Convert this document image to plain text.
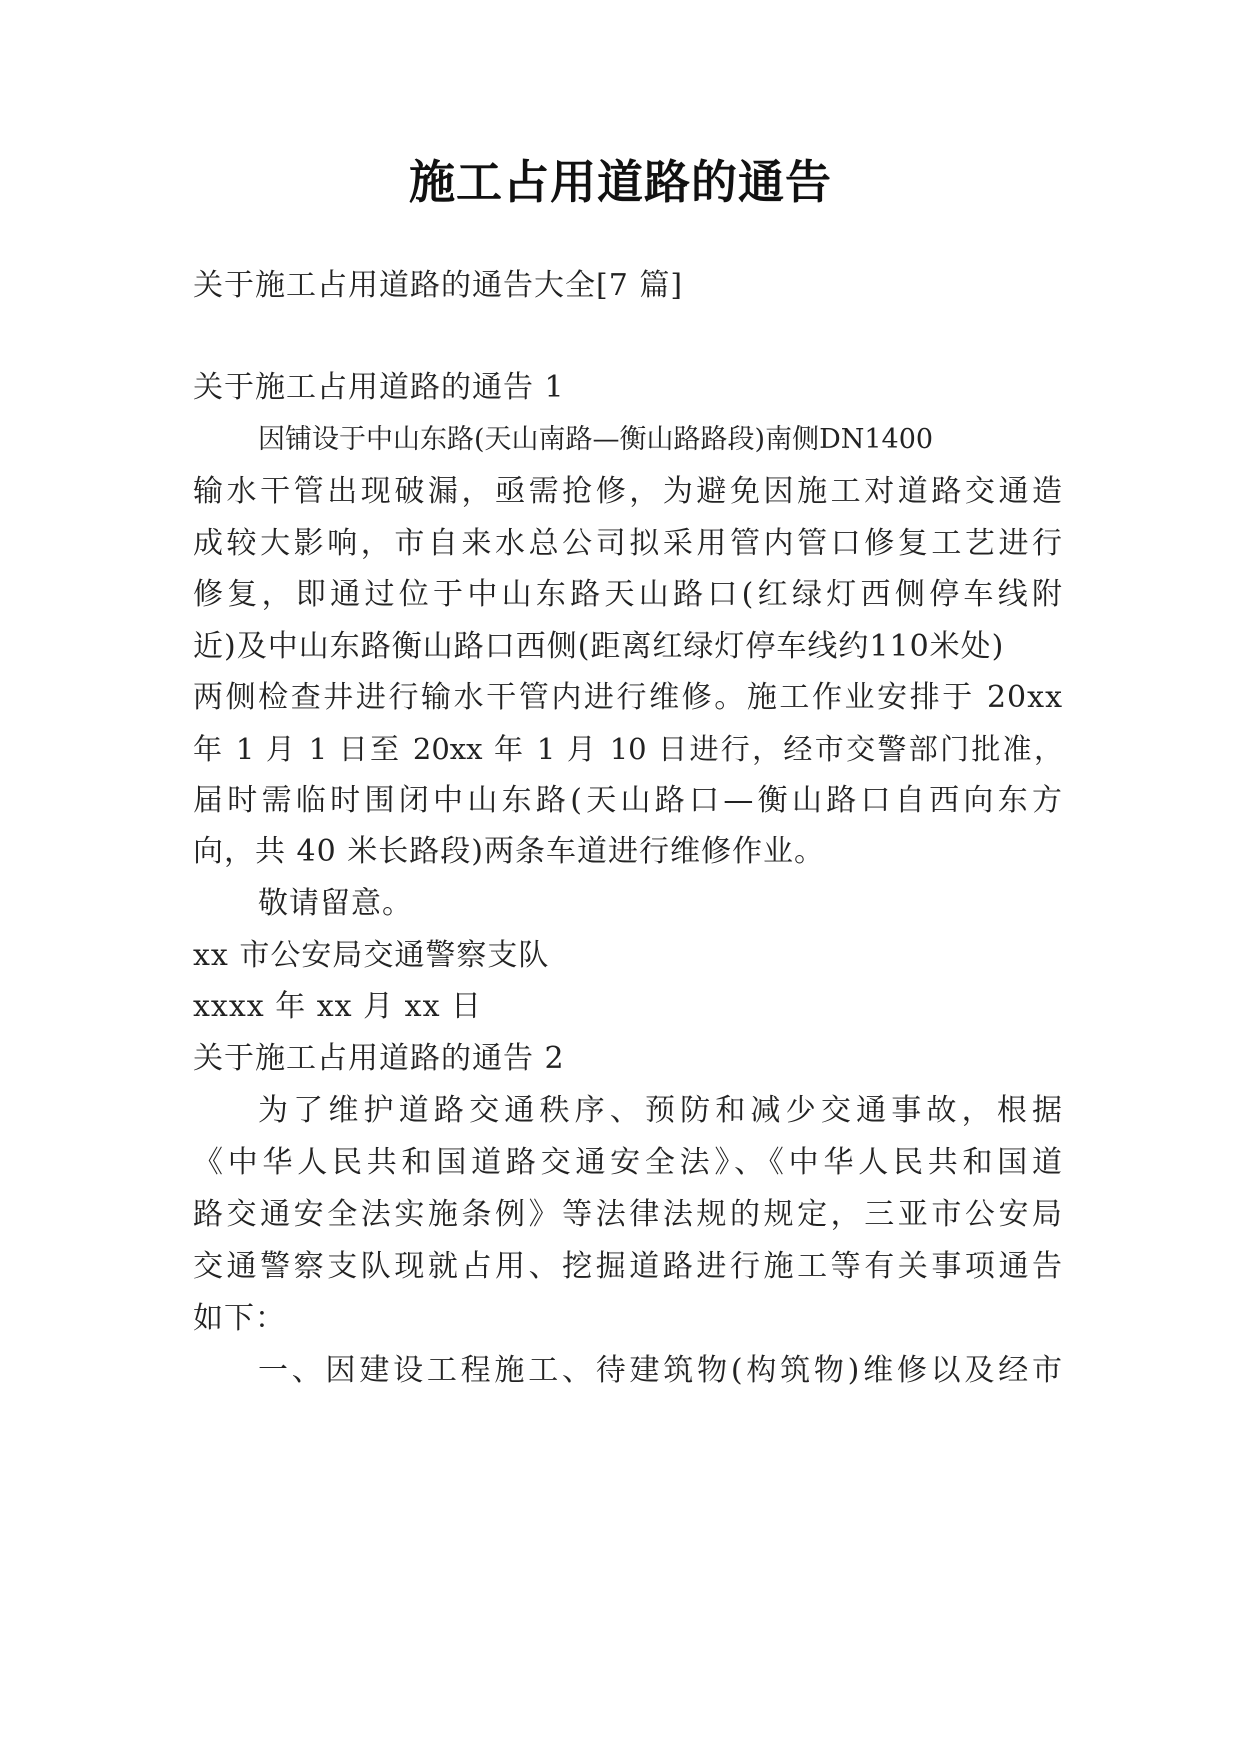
施工占用道路的通告
关于施工占用道路的通告大全[7 篇]
关于施工占用道路的通告 1
因铺设于中山东路(天山南路—衡山路路段)南侧DN1400
输水干管出现破漏，亟需抢修，为避免因施工对道路交通造
成较大影响，市自来水总公司拟采用管内管口修复工艺进行
修复，即通过位于中山东路天山路口(红绿灯西侧停车线附
近)及中山东路衡山路口西侧(距离红绿灯停车线约110米处)
两侧检查井进行输水干管内进行维修。施工作业安排于 20xx
年 1 月 1 日至 20xx 年 1 月 10 日进行，经市交警部门批准，
届时需临时围闭中山东路(天山路口—衡山路口自西向东方
向，共 40 米长路段)两条车道进行维修作业。
敬请留意。
xx 市公安局交通警察支队
xxxx 年 xx 月 xx 日
关于施工占用道路的通告 2
为了维护道路交通秩序、预防和减少交通事故，根据
《中华人民共和国道路交通安全法》、《中华人民共和国道
路交通安全法实施条例》等法律法规的规定，三亚市公安局
交通警察支队现就占用、挖掘道路进行施工等有关事项通告
如下：
一、因建设工程施工、待建筑物(构筑物)维修以及经市
